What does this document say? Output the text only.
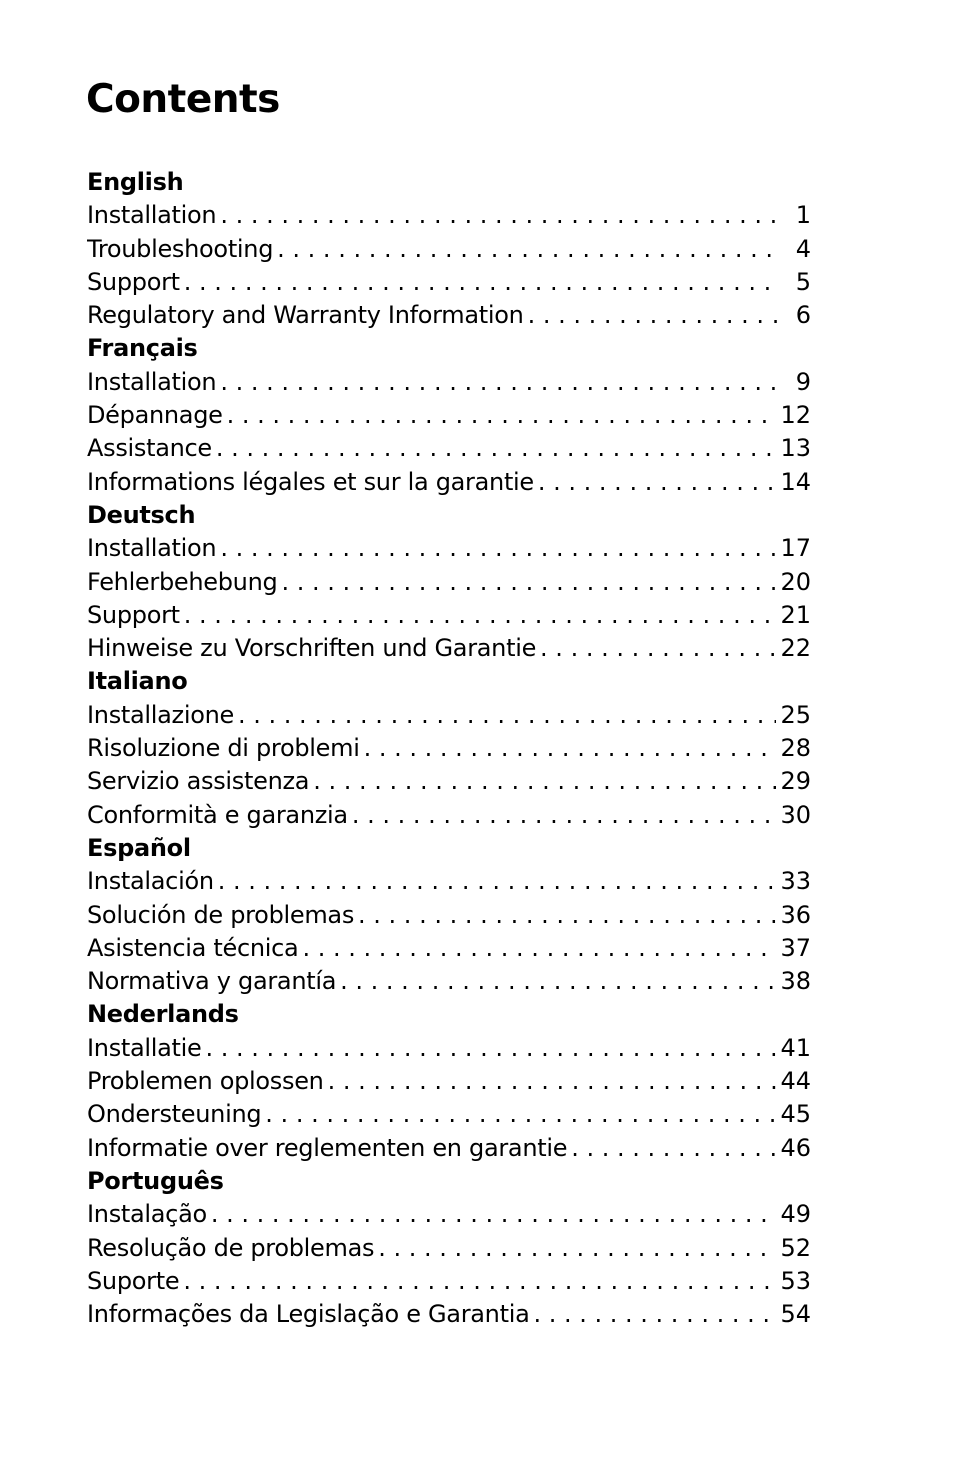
Contents
English
Installation . . .	1
Troubleshooting . . .	4
Support . . .	5
Regulatory and Warranty Information . . .	6
Français
Installation . . .	9
Dépannage . . .	12
Assistance . . .	13
Informations légales et sur la garantie . . .	14
Deutsch
Installation . . .	17
Fehlerbehebung . . .	20
Support . . .	21
Hinweise zu Vorschriften und Garantie . . .	22
Italiano
Installazione . . .	25
Risoluzione di problemi . . .	28
Servizio assistenza . . .	29
Conformità e garanzia . . .	30
Español
Instalación . . .	33
Solución de problemas . . .	36
Asistencia técnica . . .	37
Normativa y garantía . . .	38
Nederlands
Installatie . . .	41
Problemen oplossen . . .	44
Ondersteuning . . .	45
Informatie over reglementen en garantie . . .	46
Português
Instalação . . .	49
Resolução de problemas . . .	52
Suporte . . .	53
Informações da Legislação e Garantia . . .	54
